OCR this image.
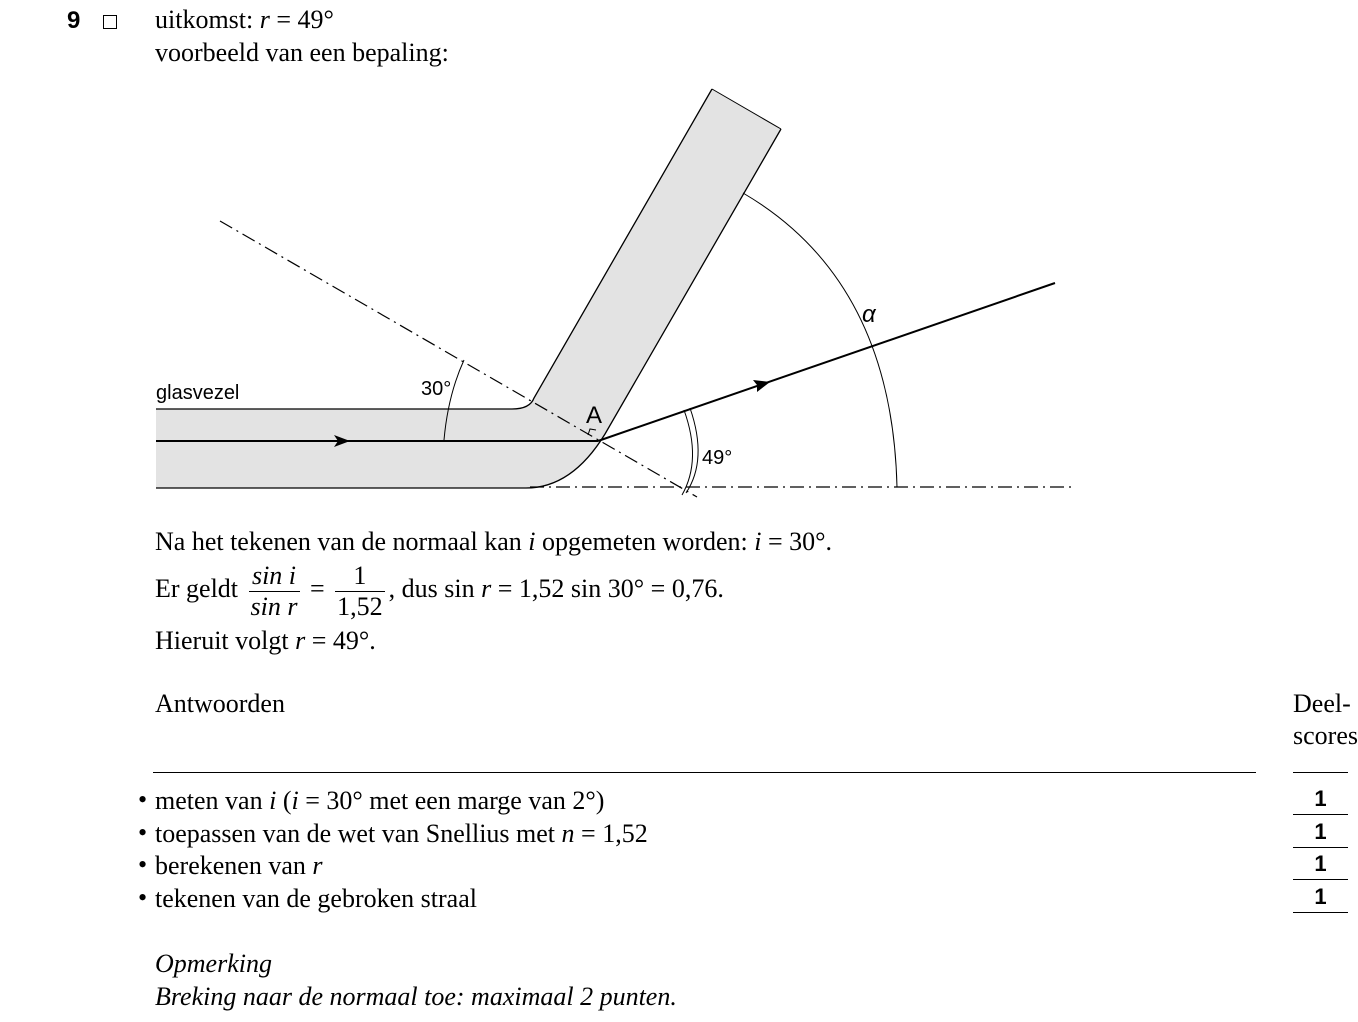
9	uitkomst: r = 49°
voorbeeld van een bepaling:
glasvezel
A
30°
49°
α
Na het tekenen van de normaal kan i opgemeten worden: i = 30°.
Er geldt $\frac{\text{sin i}}{\text{sin r}} = \frac{1}{1,52}$ , dus sin r = 1,52 sin 30° = 0,76.
Hieruit volgt r = 49°.
Antwoorden	Deel-
scores
• meten van i (i = 30° met een marge van 2°)	1
• toepassen van de wet van Snellius met n = 1,52	1
• berekenen van r	1
• tekenen van de gebroken straal	1
Opmerking
Breking naar de normaal toe: maximaal 2 punten.
